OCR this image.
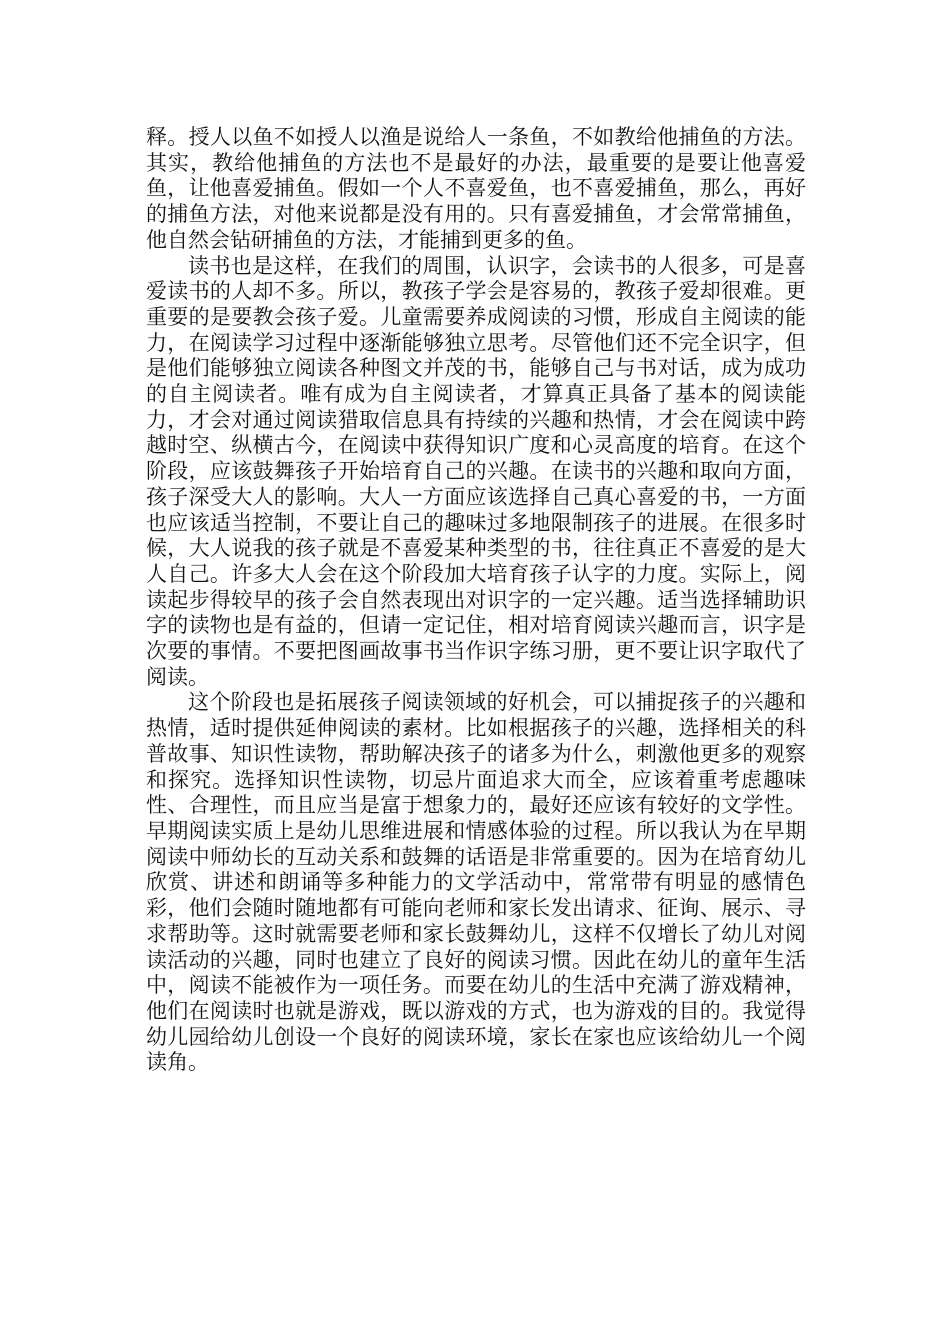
释。授人以鱼不如授人以渔是说给人一条鱼，不如教给他捕鱼的方法。其实，教给他捕鱼的方法也不是最好的办法，最重要的是要让他喜爱鱼，让他喜爱捕鱼。假如一个人不喜爱鱼，也不喜爱捕鱼，那么，再好的捕鱼方法，对他来说都是没有用的。只有喜爱捕鱼，才会常常捕鱼，他自然会钻研捕鱼的方法，才能捕到更多的鱼。

读书也是这样，在我们的周围，认识字，会读书的人很多，可是喜爱读书的人却不多。所以，教孩子学会是容易的，教孩子爱却很难。更重要的是要教会孩子爱。儿童需要养成阅读的习惯，形成自主阅读的能力，在阅读学习过程中逐渐能够独立思考。尽管他们还不完全识字，但是他们能够独立阅读各种图文并茂的书，能够自己与书对话，成为成功的自主阅读者。唯有成为自主阅读者，才算真正具备了基本的阅读能力，才会对通过阅读猎取信息具有持续的兴趣和热情，才会在阅读中跨越时空、纵横古今，在阅读中获得知识广度和心灵高度的培育。在这个阶段，应该鼓舞孩子开始培育自己的兴趣。在读书的兴趣和取向方面，孩子深受大人的影响。大人一方面应该选择自己真心喜爱的书，一方面也应该适当控制，不要让自己的趣味过多地限制孩子的进展。在很多时候，大人说我的孩子就是不喜爱某种类型的书，往往真正不喜爱的是大人自己。许多大人会在这个阶段加大培育孩子认字的力度。实际上，阅读起步得较早的孩子会自然表现出对识字的一定兴趣。适当选择辅助识字的读物也是有益的，但请一定记住，相对培育阅读兴趣而言，识字是次要的事情。不要把图画故事书当作识字练习册，更不要让识字取代了阅读。

这个阶段也是拓展孩子阅读领域的好机会，可以捕捉孩子的兴趣和热情，适时提供延伸阅读的素材。比如根据孩子的兴趣，选择相关的科普故事、知识性读物，帮助解决孩子的诸多为什么，刺激他更多的观察和探究。选择知识性读物，切忌片面追求大而全，应该着重考虑趣味性、合理性，而且应当是富于想象力的，最好还应该有较好的文学性。早期阅读实质上是幼儿思维进展和情感体验的过程。所以我认为在早期阅读中师幼长的互动关系和鼓舞的话语是非常重要的。因为在培育幼儿欣赏、讲述和朗诵等多种能力的文学活动中，常常带有明显的感情色彩，他们会随时随地都有可能向老师和家长发出请求、征询、展示、寻求帮助等。这时就需要老师和家长鼓舞幼儿，这样不仅增长了幼儿对阅读活动的兴趣，同时也建立了良好的阅读习惯。因此在幼儿的童年生活中，阅读不能被作为一项任务。而要在幼儿的生活中充满了游戏精神，他们在阅读时也就是游戏，既以游戏的方式，也为游戏的目的。我觉得幼儿园给幼儿创设一个良好的阅读环境，家长在家也应该给幼儿一个阅读角。
